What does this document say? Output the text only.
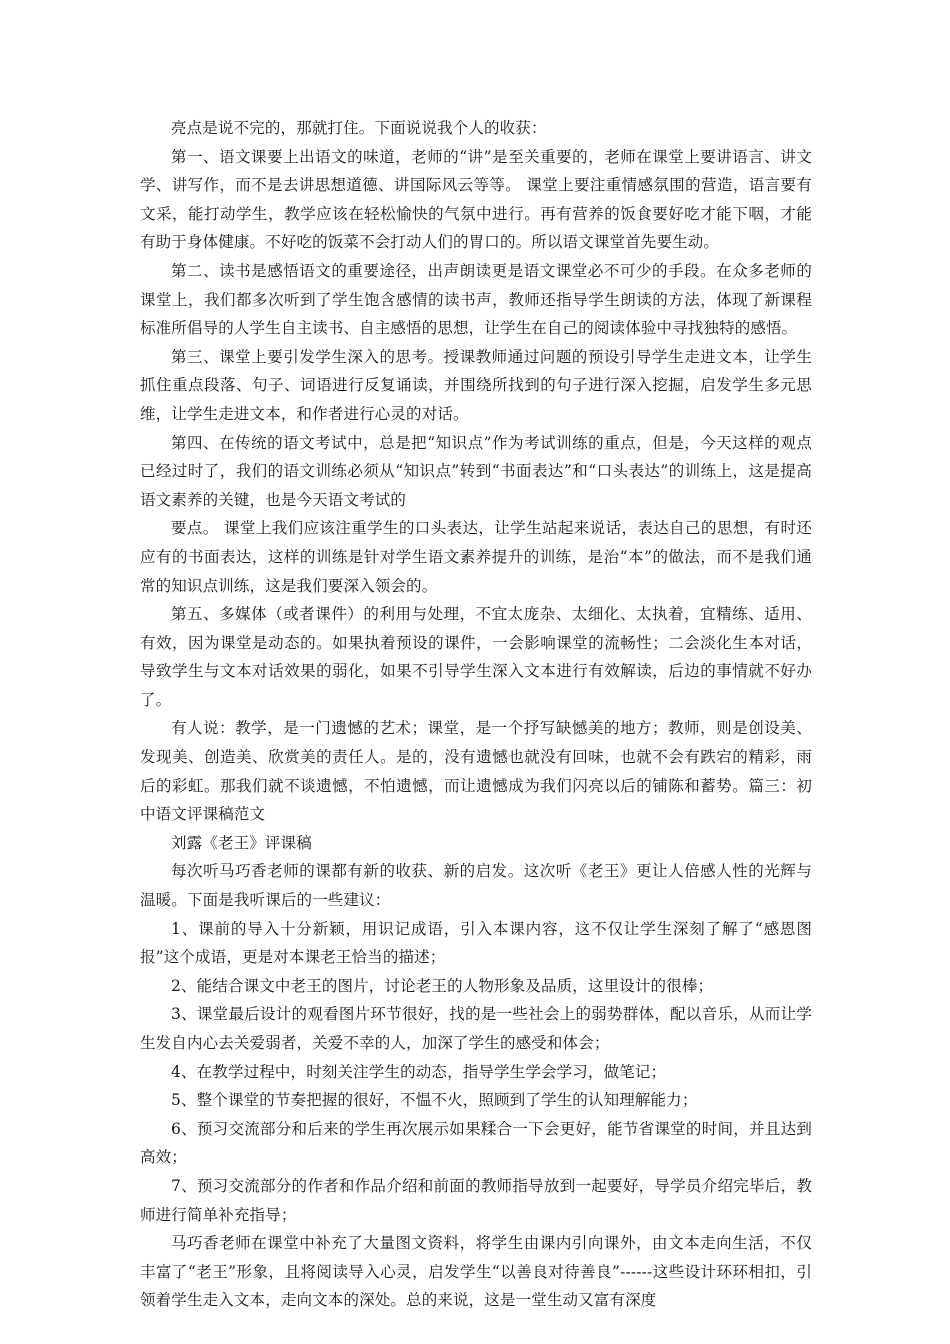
亮点是说不完的，那就打住。下面说说我个人的收获：

第一、语文课要上出语文的味道，老师的“讲”是至关重要的，老师在课堂上要讲语言、讲文学、讲写作，而不是去讲思想道德、讲国际风云等等。 课堂上要注重情感氛围的营造，语言要有文采，能打动学生，教学应该在轻松愉快的气氛中进行。再有营养的饭食要好吃才能下咽，才能有助于身体健康。不好吃的饭菜不会打动人们的胃口的。所以语文课堂首先要生动。

第二、读书是感悟语文的重要途径，出声朗读更是语文课堂必不可少的手段。在众多老师的课堂上，我们都多次听到了学生饱含感情的读书声，教师还指导学生朗读的方法，体现了新课程标准所倡导的人学生自主读书、自主感悟的思想，让学生在自己的阅读体验中寻找独特的感悟。

第三、课堂上要引发学生深入的思考。授课教师通过问题的预设引导学生走进文本，让学生抓住重点段落、句子、词语进行反复诵读，并围绕所找到的句子进行深入挖掘，启发学生多元思维，让学生走进文本，和作者进行心灵的对话。

第四、在传统的语文考试中，总是把“知识点”作为考试训练的重点，但是，今天这样的观点已经过时了，我们的语文训练必须从“知识点”转到“书面表达”和“口头表达”的训练上，这是提高语文素养的关键，也是今天语文考试的

要点。 课堂上我们应该注重学生的口头表达，让学生站起来说话，表达自己的思想，有时还应有的书面表达，这样的训练是针对学生语文素养提升的训练，是治“本”的做法，而不是我们通常的知识点训练，这是我们要深入领会的。

第五、多媒体（或者课件）的利用与处理，不宜太庞杂、太细化、太执着，宜精练、适用、有效，因为课堂是动态的。如果执着预设的课件，一会影响课堂的流畅性；二会淡化生本对话，导致学生与文本对话效果的弱化，如果不引导学生深入文本进行有效解读，后边的事情就不好办了。

有人说：教学，是一门遗憾的艺术；课堂，是一个抒写缺憾美的地方；教师，则是创设美、发现美、创造美、欣赏美的责任人。是的，没有遗憾也就没有回味，也就不会有跌宕的精彩，雨后的彩虹。那我们就不谈遗憾，不怕遗憾，而让遗憾成为我们闪亮以后的铺陈和蓄势。篇三：初中语文评课稿范文

刘露《老王》评课稿

每次听马巧香老师的课都有新的收获、新的启发。这次听《老王》更让人倍感人性的光辉与温暖。下面是我听课后的一些建议：

1、课前的导入十分新颖，用识记成语，引入本课内容，这不仅让学生深刻了解了“感恩图报”这个成语，更是对本课老王恰当的描述；

2、能结合课文中老王的图片，讨论老王的人物形象及品质，这里设计的很棒；

3、课堂最后设计的观看图片环节很好，找的是一些社会上的弱势群体，配以音乐，从而让学生发自内心去关爱弱者，关爱不幸的人，加深了学生的感受和体会；

4、在教学过程中，时刻关注学生的动态，指导学生学会学习，做笔记；

5、整个课堂的节奏把握的很好，不愠不火，照顾到了学生的认知理解能力；

6、预习交流部分和后来的学生再次展示如果糅合一下会更好，能节省课堂的时间，并且达到高效；

7、预习交流部分的作者和作品介绍和前面的教师指导放到一起要好，导学员介绍完毕后，教师进行简单补充指导；

马巧香老师在课堂中补充了大量图文资料，将学生由课内引向课外，由文本走向生活，不仅丰富了“老王”形象，且将阅读导入心灵，启发学生“以善良对待善良”------这些设计环环相扣，引领着学生走入文本，走向文本的深处。总的来说，这是一堂生动又富有深度
